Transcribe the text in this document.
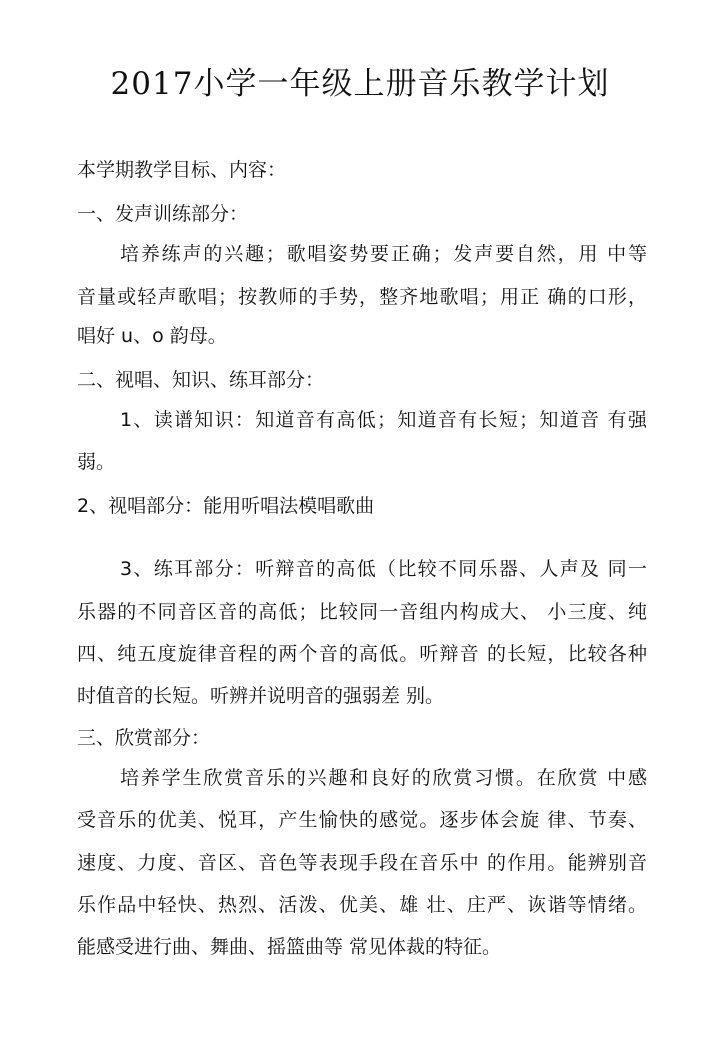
2017小学一年级上册音乐教学计划

本学期教学目标、内容：

一、发声训练部分：

培养练声的兴趣；歌唱姿势要正确；发声要自然，用 中等

音量或轻声歌唱；按教师的手势，整齐地歌唱；用正 确的口形，

唱好 u、o 韵母。

二、视唱、知识、练耳部分：

1、读谱知识：知道音有高低；知道音有长短；知道音 有强

弱。

2、视唱部分：能用听唱法模唱歌曲

3、练耳部分：听辩音的高低（比较不同乐器、人声及 同一

乐器的不同音区音的高低；比较同一音组内构成大、 小三度、纯

四、纯五度旋律音程的两个音的高低。听辩音 的长短，比较各种

时值音的长短。听辨并说明音的强弱差 别。

三、欣赏部分：

培养学生欣赏音乐的兴趣和良好的欣赏习惯。在欣赏 中感

受音乐的优美、悦耳，产生愉快的感觉。逐步体会旋 律、节奏、

速度、力度、音区、音色等表现手段在音乐中 的作用。能辨别音

乐作品中轻快、热烈、活泼、优美、雄 壮、庄严、诙谐等情绪。

能感受进行曲、舞曲、摇篮曲等 常见体裁的特征。
